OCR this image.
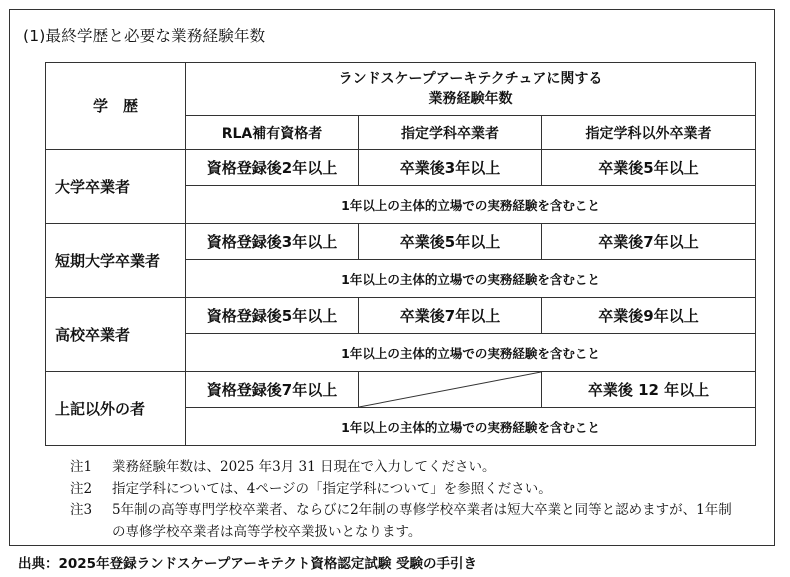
(1)最終学歴と必要な業務経験年数
学　歴	ランドスケープアーキテクチュアに関する
業務経験年数		

	RLA補有資格者	指定学科卒業者	指定学科以外卒業者
大学卒業者	資格登録後2年以上	卒業後3年以上	卒業後5年以上
	1年以上の主体的立場での実務経験を含むこと		
短期大学卒業者	資格登録後3年以上	卒業後5年以上	卒業後7年以上
	1年以上の主体的立場での実務経験を含むこと		
高校卒業者	資格登録後5年以上	卒業後7年以上	卒業後9年以上
	1年以上の主体的立場での実務経験を含むこと		
上記以外の者	資格登録後7年以上		卒業後 12 年以上
	1年以上の主体的立場での実務経験を含むこと		
注1	業務経験年数は、2025 年3月 31 日現在で入力してください。
注2	指定学科については、4ページの「指定学科について」を参照ください。
注3	5年制の高等専門学校卒業者、ならびに2年制の専修学校卒業者は短大卒業と同等と認めますが、1年制の専修学校卒業者は高等学校卒業扱いとなります。
出典：2025年登録ランドスケープアーキテクト資格認定試験 受験の手引き
